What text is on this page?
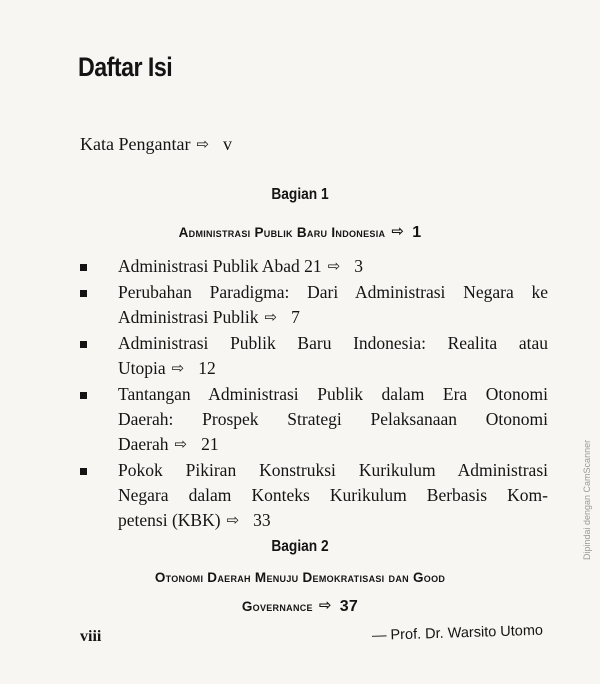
Daftar Isi
Kata Pengantar ⇨ v
Bagian 1
Administrasi Publik Baru Indonesia ⇨ 1
Administrasi Publik Abad 21 ⇨ 3
Perubahan Paradigma: Dari Administrasi Negara ke
Administrasi Publik ⇨ 7
Administrasi Publik Baru Indonesia: Realita atau
Utopia ⇨ 12
Tantangan Administrasi Publik dalam Era Otonomi
Daerah: Prospek Strategi Pelaksanaan Otonomi
Daerah ⇨ 21
Pokok Pikiran Konstruksi Kurikulum Administrasi
Negara dalam Konteks Kurikulum Berbasis Kom-
petensi (KBK) ⇨ 33
Bagian 2
Otonomi Daerah Menuju Demokratisasi dan Good
Governance ⇨ 37
viii	— Prof. Dr. Warsito Utomo
Dipindai dengan CamScanner
